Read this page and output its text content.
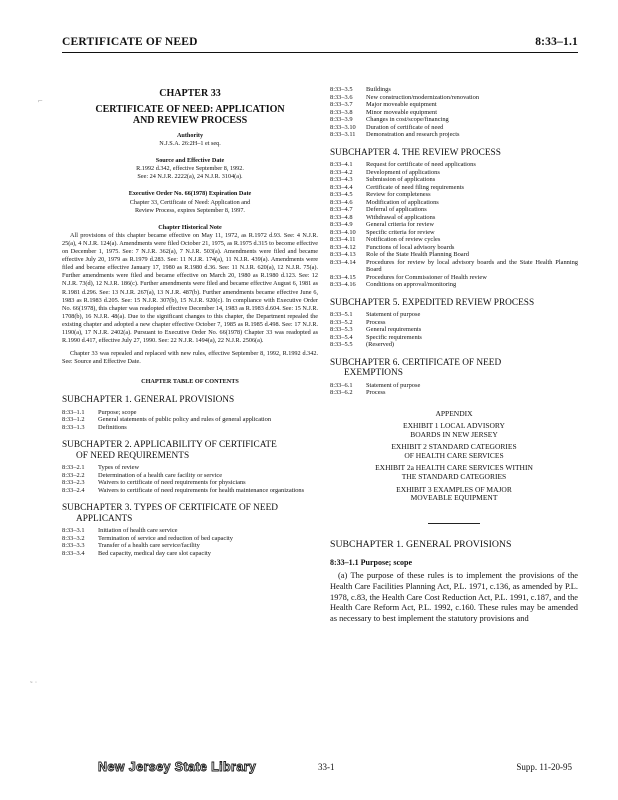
CERTIFICATE OF NEED	8:33–1.1
⌐
˜ ˙
CHAPTER 33
CERTIFICATE OF NEED: APPLICATION
AND REVIEW PROCESS
Authority
N.J.S.A. 26:2H–1 et seq.
Source and Effective Date
R.1992 d.342, effective September 8, 1992.
See: 24 N.J.R. 2222(a), 24 N.J.R. 3104(a).
Executive Order No. 66(1978) Expiration Date
Chapter 33, Certificate of Need: Application and
Review Process, expires September 8, 1997.
Chapter Historical Note

All provisions of this chapter became effective on May 11, 1972, as R.1972 d.93. See: 4 N.J.R. 25(a), 4 N.J.R. 124(a). Amendments were filed October 21, 1975, as R.1975 d.315 to become effective on December 1, 1975. See: 7 N.J.R. 362(a), 7 N.J.R. 503(a). Amendments were filed and became effective July 20, 1979 as R.1979 d.283. See: 11 N.J.R. 174(a), 11 N.J.R. 439(a). Amendments were filed and became effective January 17, 1980 as R.1980 d.36. See: 11 N.J.R. 620(a), 12 N.J.R. 75(a). Further amendments were filed and became effective on March 20, 1980 as R.1980 d.123. See: 12 N.J.R. 73(d), 12 N.J.R. 186(c). Further amendments were filed and became effective August 6, 1981 as R.1981 d.296. See: 13 N.J.R. 267(a), 13 N.J.R. 487(b). Further amendments became effective June 6, 1983 as R.1983 d.205. See: 15 N.J.R. 307(b), 15 N.J.R. 920(c). In compliance with Executive Order No. 66(1978), this chapter was readopted effective December 14, 1983 as R.1983 d.604. See: 15 N.J.R. 1708(b), 16 N.J.R. 48(a). Due to the significant changes to this chapter, the Department repealed the existing chapter and adopted a new chapter effective October 7, 1985 as R.1985 d.498. See: 17 N.J.R. 1190(a), 17 N.J.R. 2402(a). Pursuant to Executive Order No. 66(1978) Chapter 33 was readopted as R.1990 d.417, effective July 27, 1990. See: 22 N.J.R. 1494(a), 22 N.J.R. 2506(a).

Chapter 33 was repealed and replaced with new rules, effective September 8, 1992, R.1992 d.342. See: Source and Effective Date.

CHAPTER TABLE OF CONTENTS
SUBCHAPTER 1. GENERAL PROVISIONS
8:33–1.1	Purpose; scope
8:33–1.2	General statements of public policy and rules of general application
8:33–1.3	Definitions
SUBCHAPTER 2. APPLICABILITY OF CERTIFICATE
OF NEED REQUIREMENTS
8:33–2.1	Types of review
8:33–2.2	Determination of a health care facility or service
8:33–2.3	Waivers to certificate of need requirements for physicians
8:33–2.4	Waivers to certificate of need requirements for health maintenance organizations
SUBCHAPTER 3. TYPES OF CERTIFICATE OF NEED
APPLICANTS
8:33–3.1	Initiation of health care service
8:33–3.2	Termination of service and reduction of bed capacity
8:33–3.3	Transfer of a health care service/facility
8:33–3.4	Bed capacity, medical day care slot capacity
8:33–3.5	Buildings
8:33–3.6	New construction/modernization/renovation
8:33–3.7	Major moveable equipment
8:33–3.8	Minor moveable equipment
8:33–3.9	Changes in cost/scope/financing
8:33–3.10	Duration of certificate of need
8:33–3.11	Demonstration and research projects
SUBCHAPTER 4. THE REVIEW PROCESS
8:33–4.1	Request for certificate of need applications
8:33–4.2	Development of applications
8:33–4.3	Submission of applications
8:33–4.4	Certificate of need filing requirements
8:33–4.5	Review for completeness
8:33–4.6	Modification of applications
8:33–4.7	Deferral of applications
8:33–4.8	Withdrawal of applications
8:33–4.9	General criteria for review
8:33–4.10	Specific criteria for review
8:33–4.11	Notification of review cycles
8:33–4.12	Functions of local advisory boards
8:33–4.13	Role of the State Health Planning Board
8:33–4.14	Procedures for review by local advisory boards and the State Health Planning Board
8:33–4.15	Procedures for Commissioner of Health review
8:33–4.16	Conditions on approval/monitoring
SUBCHAPTER 5. EXPEDITED REVIEW PROCESS
8:33–5.1	Statement of purpose
8:33–5.2	Process
8:33–5.3	General requirements
8:33–5.4	Specific requirements
8:33–5.5	(Reserved)
SUBCHAPTER 6. CERTIFICATE OF NEED
EXEMPTIONS
8:33–6.1	Statement of purpose
8:33–6.2	Process
APPENDIX
EXHIBIT 1 LOCAL ADVISORY
BOARDS IN NEW JERSEY
EXHIBIT 2 STANDARD CATEGORIES
OF HEALTH CARE SERVICES
EXHIBIT 2a HEALTH CARE SERVICES WITHIN
THE STANDARD CATEGORIES
EXHIBIT 3 EXAMPLES OF MAJOR
MOVEABLE EQUIPMENT
SUBCHAPTER 1. GENERAL PROVISIONS
8:33–1.1 Purpose; scope

(a) The purpose of these rules is to implement the provisions of the Health Care Facilities Planning Act, P.L. 1971, c.136, as amended by P.L. 1978, c.83, the Health Care Cost Reduction Act, P.L. 1991, c.187, and the Health Care Reform Act, P.L. 1992, c.160. These rules may be amended as necessary to best implement the statutory provisions and

New Jersey State Library	33-1	Supp. 11-20-95
